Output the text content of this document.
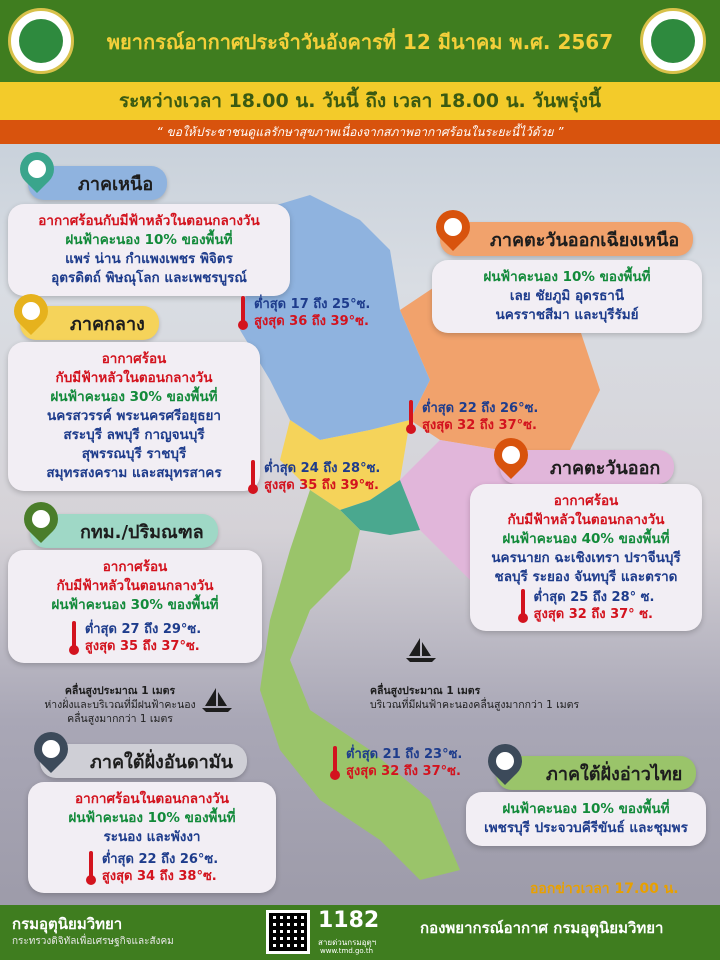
พยากรณ์อากาศประจำวันอังคารที่ 12 มีนาคม พ.ศ. 2567
ระหว่างเวลา 18.00 น. วันนี้ ถึง เวลา 18.00 น. วันพรุ่งนี้
“ ขอให้ประชาชนดูแลรักษาสุขภาพเนื่องจากสภาพอากาศร้อนในระยะนี้ไว้ด้วย ”
ภาคเหนือ
อากาศร้อนกับมีฟ้าหลัวในตอนกลางวัน
ฝนฟ้าคะนอง 10% ของพื้นที่
แพร่ น่าน กำแพงเพชร พิจิตร
อุตรดิตถ์ พิษณุโลก และเพชรบูรณ์
ต่ำสุด 17 ถึง 25°ซ.
สูงสุด 36 ถึง 39°ซ.
ภาคตะวันออกเฉียงเหนือ
ฝนฟ้าคะนอง 10% ของพื้นที่
เลย ชัยภูมิ อุดรธานี
นครราชสีมา และบุรีรัมย์
ต่ำสุด 22 ถึง 26°ซ.
สูงสุด 32 ถึง 37°ซ.
ภาคกลาง
อากาศร้อน
กับมีฟ้าหลัวในตอนกลางวัน
ฝนฟ้าคะนอง 30% ของพื้นที่
นครสวรรค์ พระนครศรีอยุธยา
สระบุรี ลพบุรี กาญจนบุรี
สุพรรณบุรี ราชบุรี
สมุทรสงคราม และสมุทรสาคร	ต่ำสุด 24 ถึง 28°ซ.
สูงสุด 35 ถึง 39°ซ.
ภาคตะวันออก
อากาศร้อน
กับมีฟ้าหลัวในตอนกลางวัน
ฝนฟ้าคะนอง 40% ของพื้นที่
นครนายก ฉะเชิงเทรา ปราจีนบุรี
ชลบุรี ระยอง จันทบุรี และตราด
ต่ำสุด 25 ถึง 28° ซ.
สูงสุด 32 ถึง 37° ซ.
กทม./ปริมณฑล
อากาศร้อน
กับมีฟ้าหลัวในตอนกลางวัน
ฝนฟ้าคะนอง 30% ของพื้นที่
ต่ำสุด 27 ถึง 29°ซ.
สูงสุด 35 ถึง 37°ซ.
คลื่นสูงประมาณ 1 เมตร
ห่างฝั่งและบริเวณที่มีฝนฟ้าคะนอง
คลื่นสูงมากกว่า 1 เมตร
คลื่นสูงประมาณ 1 เมตร
บริเวณที่มีฝนฟ้าคะนองคลื่นสูงมากกว่า 1 เมตร
ภาคใต้ฝั่งอันดามัน
อากาศร้อนในตอนกลางวัน
ฝนฟ้าคะนอง 10% ของพื้นที่
ระนอง และพังงา
ต่ำสุด 22 ถึง 26°ซ.
สูงสุด 34 ถึง 38°ซ.
ต่ำสุด 21 ถึง 23°ซ.
สูงสุด 32 ถึง 37°ซ.	ภาคใต้ฝั่งอ่าวไทย
ฝนฟ้าคะนอง 10% ของพื้นที่
เพชรบุรี ประจวบคีรีขันธ์ และชุมพร
ออกข่าวเวลา 17.00 น.
กรมอุตุนิยมวิทยา
กระทรวงดิจิทัลเพื่อเศรษฐกิจและสังคม
1182
สายด่วนกรมอุตุฯ
www.tmd.go.th
กองพยากรณ์อากาศ กรมอุตุนิยมวิทยา
